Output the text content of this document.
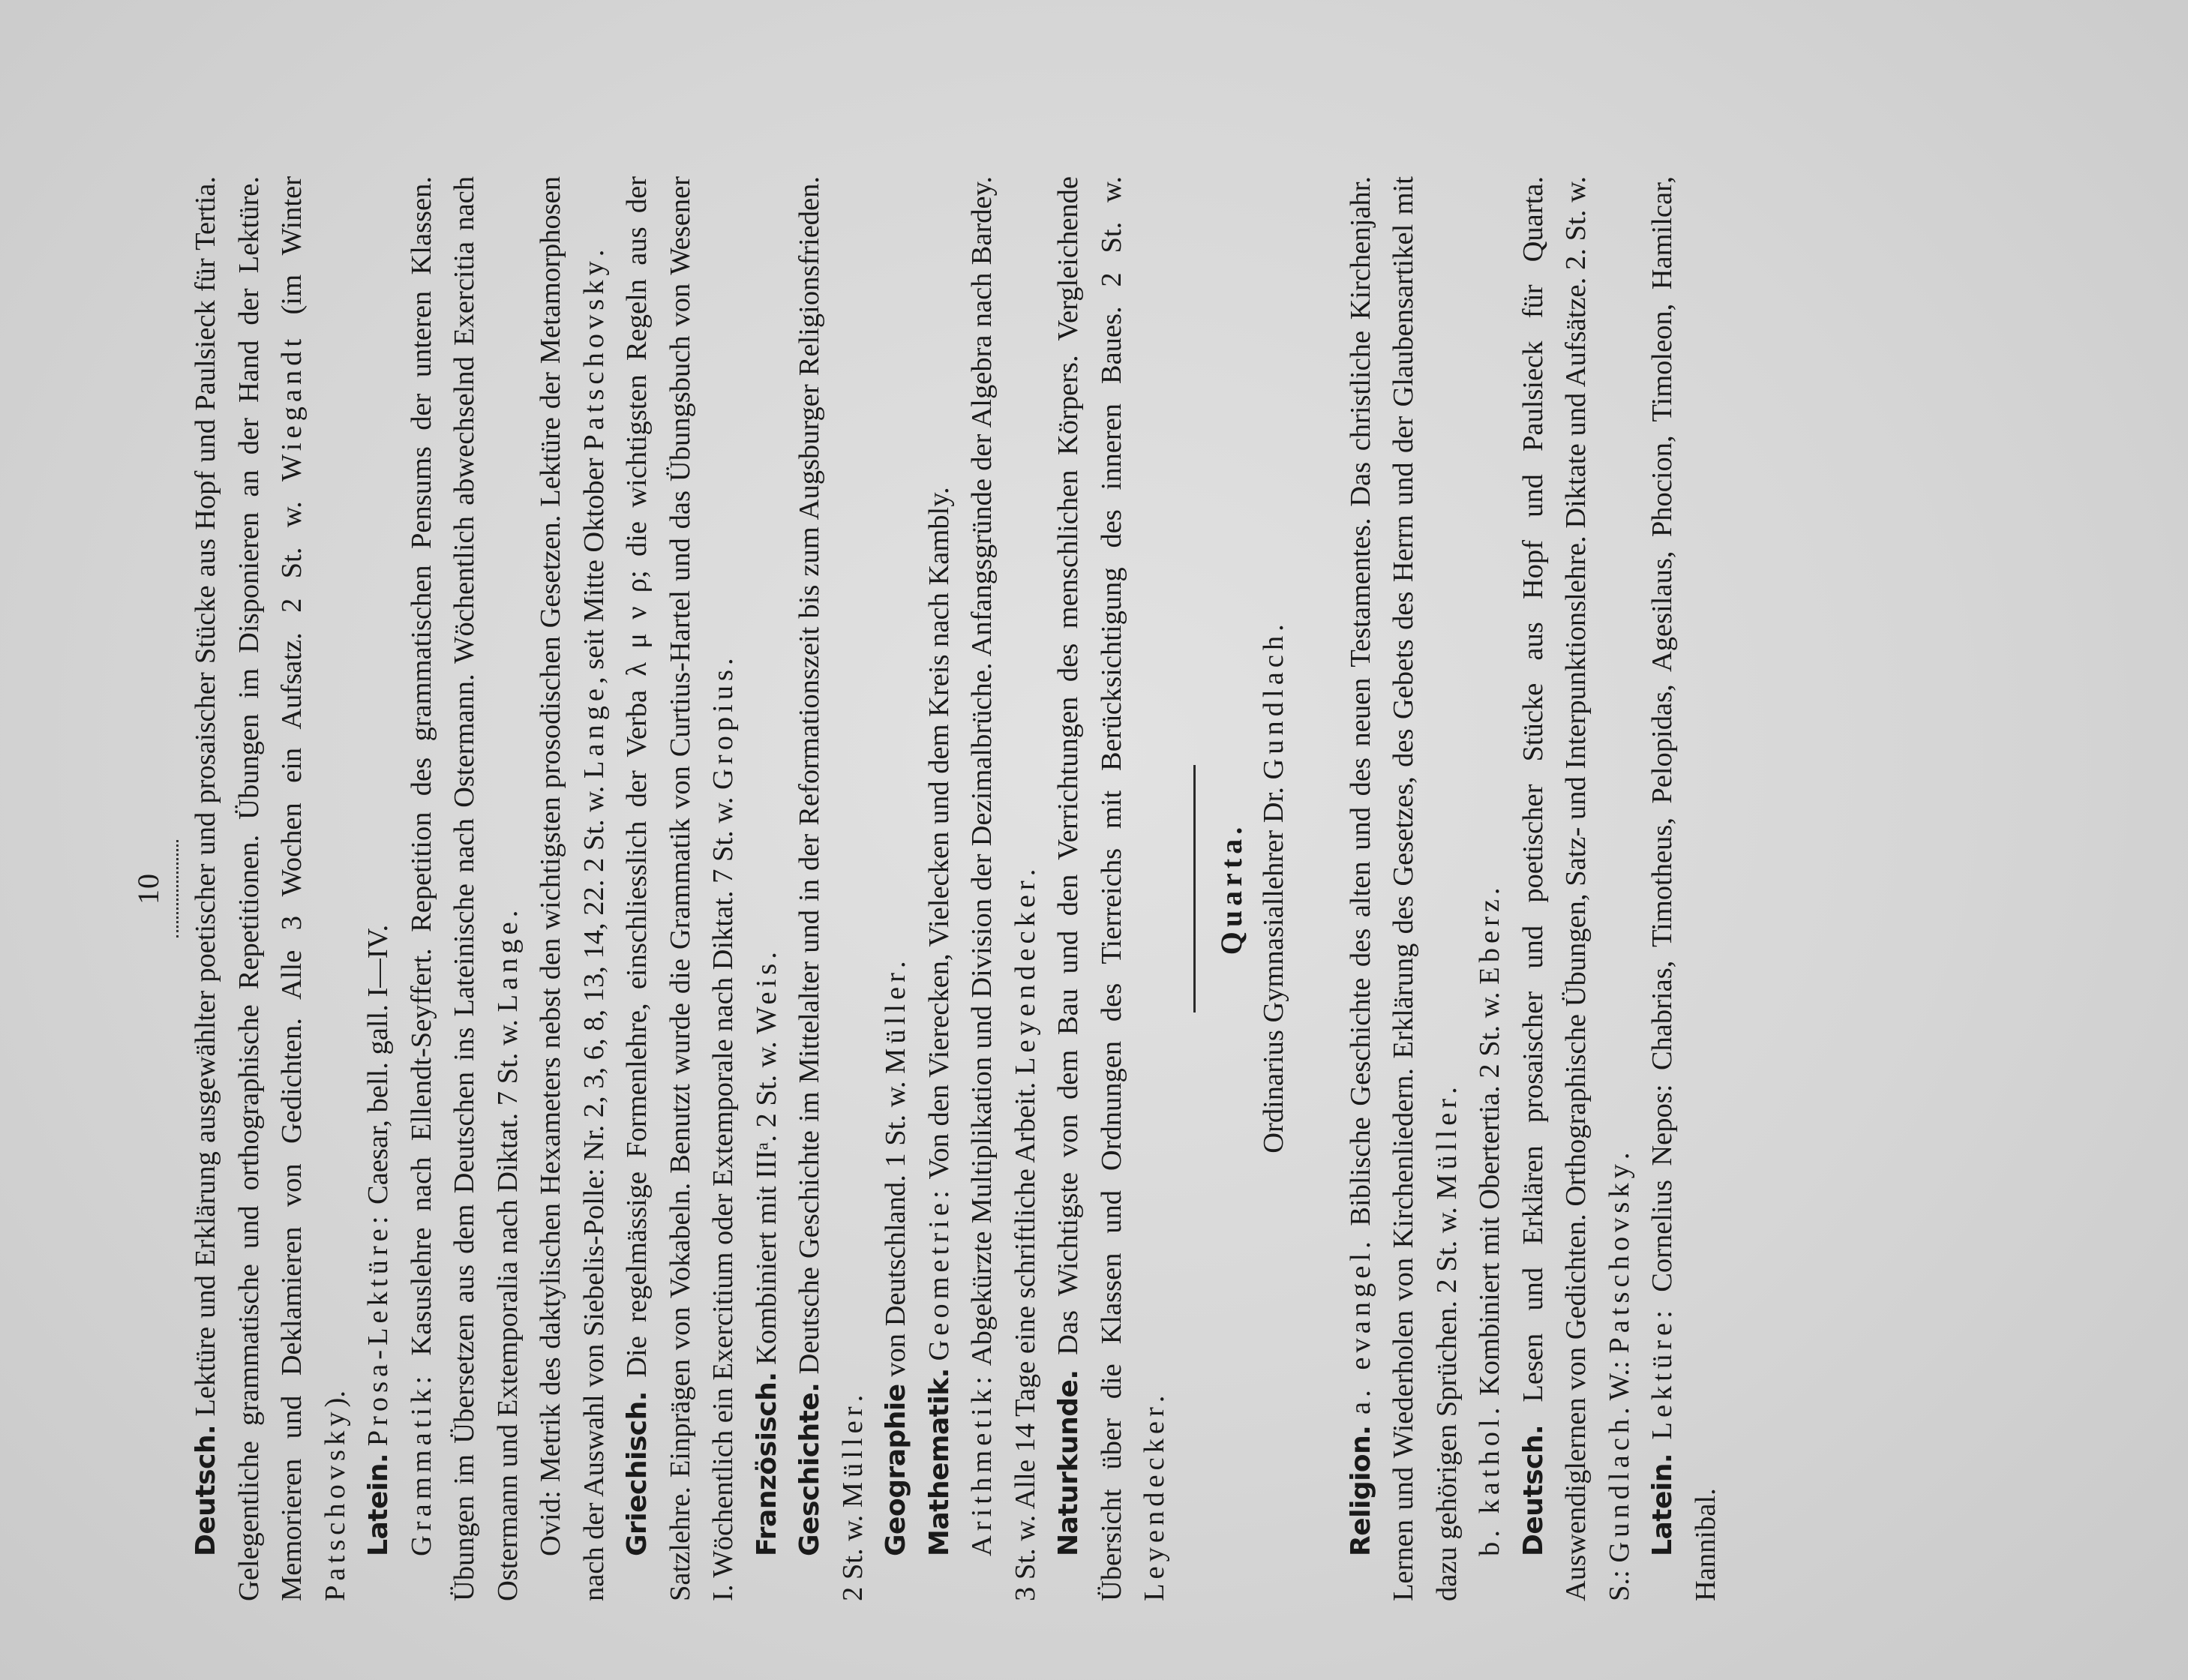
10

Deutsch. Lektüre und Erklärung ausgewählter poetischer und prosaischer Stücke aus Hopf und Paulsieck für Tertia. Gelegentliche grammatische und orthographische Repetitionen. Übungen im Disponieren an der Hand der Lektüre. Memorieren und Deklamieren von Gedichten. Alle 3 Wochen ein Aufsatz. 2 St. w. Wiegandt (im Winter Patschovsky).

Latein. Prosa-Lektüre: Caesar, bell. gall. I—IV.

Grammatik: Kasuslehre nach Ellendt-Seyffert. Repetition des grammatischen Pensums der unteren Klassen. Übungen im Übersetzen aus dem Deutschen ins Lateinische nach Ostermann. Wöchentlich abwechselnd Exercitia nach Ostermann und Extemporalia nach Diktat. 7 St. w. Lange.

Ovid: Metrik des daktylischen Hexameters nebst den wichtigsten prosodischen Gesetzen. Lektüre der Metamorphosen nach der Auswahl von Siebelis-Polle: Nr. 2, 3, 6, 8, 13, 14, 22. 2 St. w. Lange, seit Mitte Oktober Patschovsky.

Griechisch. Die regelmässige Formenlehre, einschliesslich der Verba λ μ ν ρ; die wichtigsten Regeln aus der Satzlehre. Einprägen von Vokabeln. Benutzt wurde die Grammatik von Curtius-Hartel und das Übungsbuch von Wesener I. Wöchentlich ein Exercitium oder Extemporale nach Diktat. 7 St. w. Gropius.

Französisch. Kombiniert mit IIIᵃ. 2 St. w. Weis.

Geschichte. Deutsche Geschichte im Mittelalter und in der Reformationszeit bis zum Augsburger Religionsfrieden. 2 St. w. Müller. Geographie von Deutschland. 1 St. w. Müller.

Mathematik. Geometrie: Von den Vierecken, Vielecken und dem Kreis nach Kambly.

Arithmetik: Abgekürzte Multiplikation und Division der Dezimalbrüche. Anfangsgründe der Algebra nach Bardey. 3 St. w. Alle 14 Tage eine schriftliche Arbeit. Leyendecker.

Naturkunde. Das Wichtigste von dem Bau und den Verrichtungen des menschlichen Körpers. Vergleichende Übersicht über die Klassen und Ordnungen des Tierreichs mit Berücksichtigung des inneren Baues. 2 St. w. Leyendecker.

Quarta. Ordinarius Gymnasiallehrer Dr. Gundlach.

Religion. a. evangel. Biblische Geschichte des alten und des neuen Testamentes. Das christliche Kirchenjahr. Lernen und Wiederholen von Kirchenliedern. Erklärung des Gesetzes, des Gebets des Herrn und der Glaubensartikel mit dazu gehörigen Sprüchen. 2 St. w. Müller.

b. kathol. Kombiniert mit Obertertia. 2 St. w. Eberz.

Deutsch. Lesen und Erklären prosaischer und poetischer Stücke aus Hopf und Paulsieck für Quarta. Auswendiglernen von Gedichten. Orthographische Übungen, Satz- und Interpunktionslehre. Diktate und Aufsätze. 2. St. w. S.: Gundlach. W.: Patschovsky.

Latein. Lektüre: Cornelius Nepos: Chabrias, Timotheus, Pelopidas, Agesilaus, Phocion, Timoleon, Hamilcar, Hannibal.
